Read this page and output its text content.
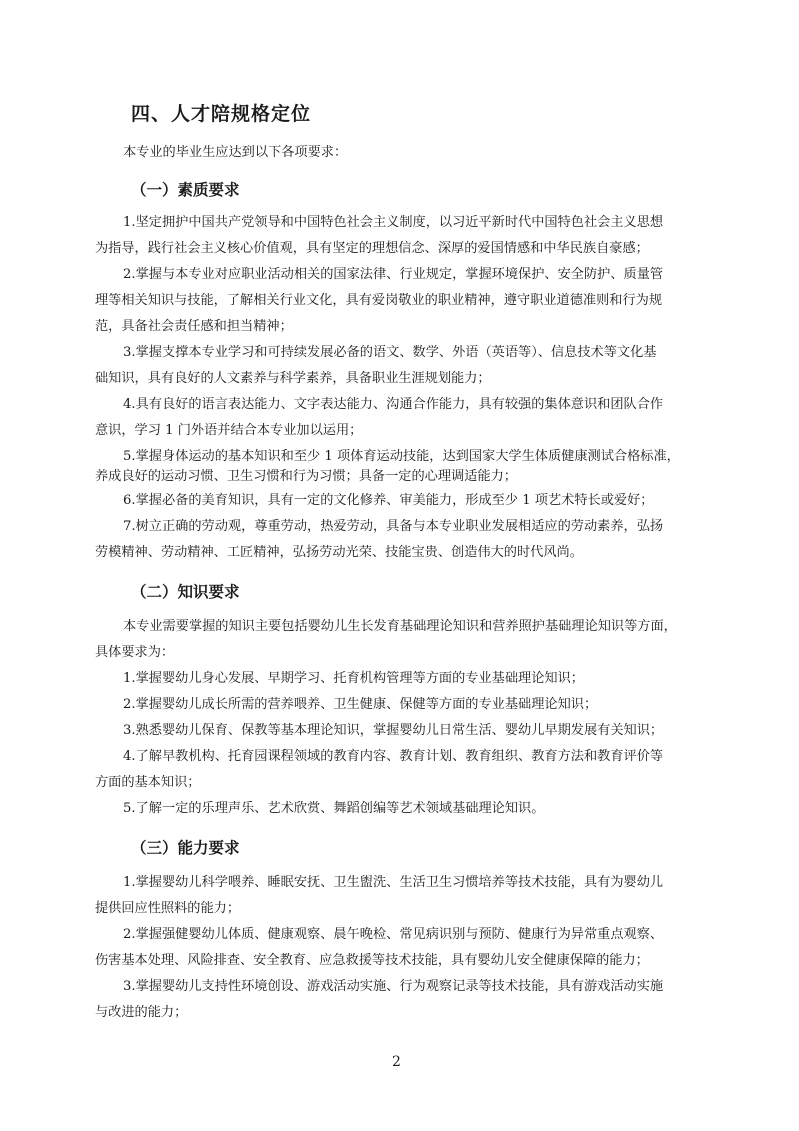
四、人才陪规格定位
本专业的毕业生应达到以下各项要求：
（一）素质要求
1.坚定拥护中国共产党领导和中国特色社会主义制度，以习近平新时代中国特色社会主义思想
为指导，践行社会主义核心价值观，具有坚定的理想信念、深厚的爱国情感和中华民族自豪感；
2.掌握与本专业对应职业活动相关的国家法律、行业规定，掌握环境保护、安全防护、质量管
理等相关知识与技能，了解相关行业文化，具有爱岗敬业的职业精神，遵守职业道德准则和行为规
范，具备社会责任感和担当精神；
3.掌握支撑本专业学习和可持续发展必备的语文、数学、外语（英语等）、信息技术等文化基
础知识，具有良好的人文素养与科学素养，具备职业生涯规划能力；
4.具有良好的语言表达能力、文字表达能力、沟通合作能力，具有较强的集体意识和团队合作
意识，学习 1 门外语并结合本专业加以运用；
5.掌握身体运动的基本知识和至少 1 项体育运动技能，达到国家大学生体质健康测试合格标准，
养成良好的运动习惯、卫生习惯和行为习惯；具备一定的心理调适能力；
6.掌握必备的美育知识，具有一定的文化修养、审美能力，形成至少 1 项艺术特长或爱好；
7.树立正确的劳动观，尊重劳动，热爱劳动，具备与本专业职业发展相适应的劳动素养，弘扬
劳模精神、劳动精神、工匠精神，弘扬劳动光荣、技能宝贵、创造伟大的时代风尚。
（二）知识要求
本专业需要掌握的知识主要包括婴幼儿生长发育基础理论知识和营养照护基础理论知识等方面，
具体要求为：
1.掌握婴幼儿身心发展、早期学习、托育机构管理等方面的专业基础理论知识；
2.掌握婴幼儿成长所需的营养喂养、卫生健康、保健等方面的专业基础理论知识；
3.熟悉婴幼儿保育、保教等基本理论知识，掌握婴幼儿日常生活、婴幼儿早期发展有关知识；
4.了解早教机构、托育园课程领域的教育内容、教育计划、教育组织、教育方法和教育评价等
方面的基本知识；
5.了解一定的乐理声乐、艺术欣赏、舞蹈创编等艺术领域基础理论知识。
（三）能力要求
1.掌握婴幼儿科学喂养、睡眠安抚、卫生盥洗、生活卫生习惯培养等技术技能，具有为婴幼儿
提供回应性照料的能力；
2.掌握强健婴幼儿体质、健康观察、晨午晚检、常见病识别与预防、健康行为异常重点观察、
伤害基本处理、风险排查、安全教育、应急救援等技术技能，具有婴幼儿安全健康保障的能力；
3.掌握婴幼儿支持性环境创设、游戏活动实施、行为观察记录等技术技能，具有游戏活动实施
与改进的能力；
2
